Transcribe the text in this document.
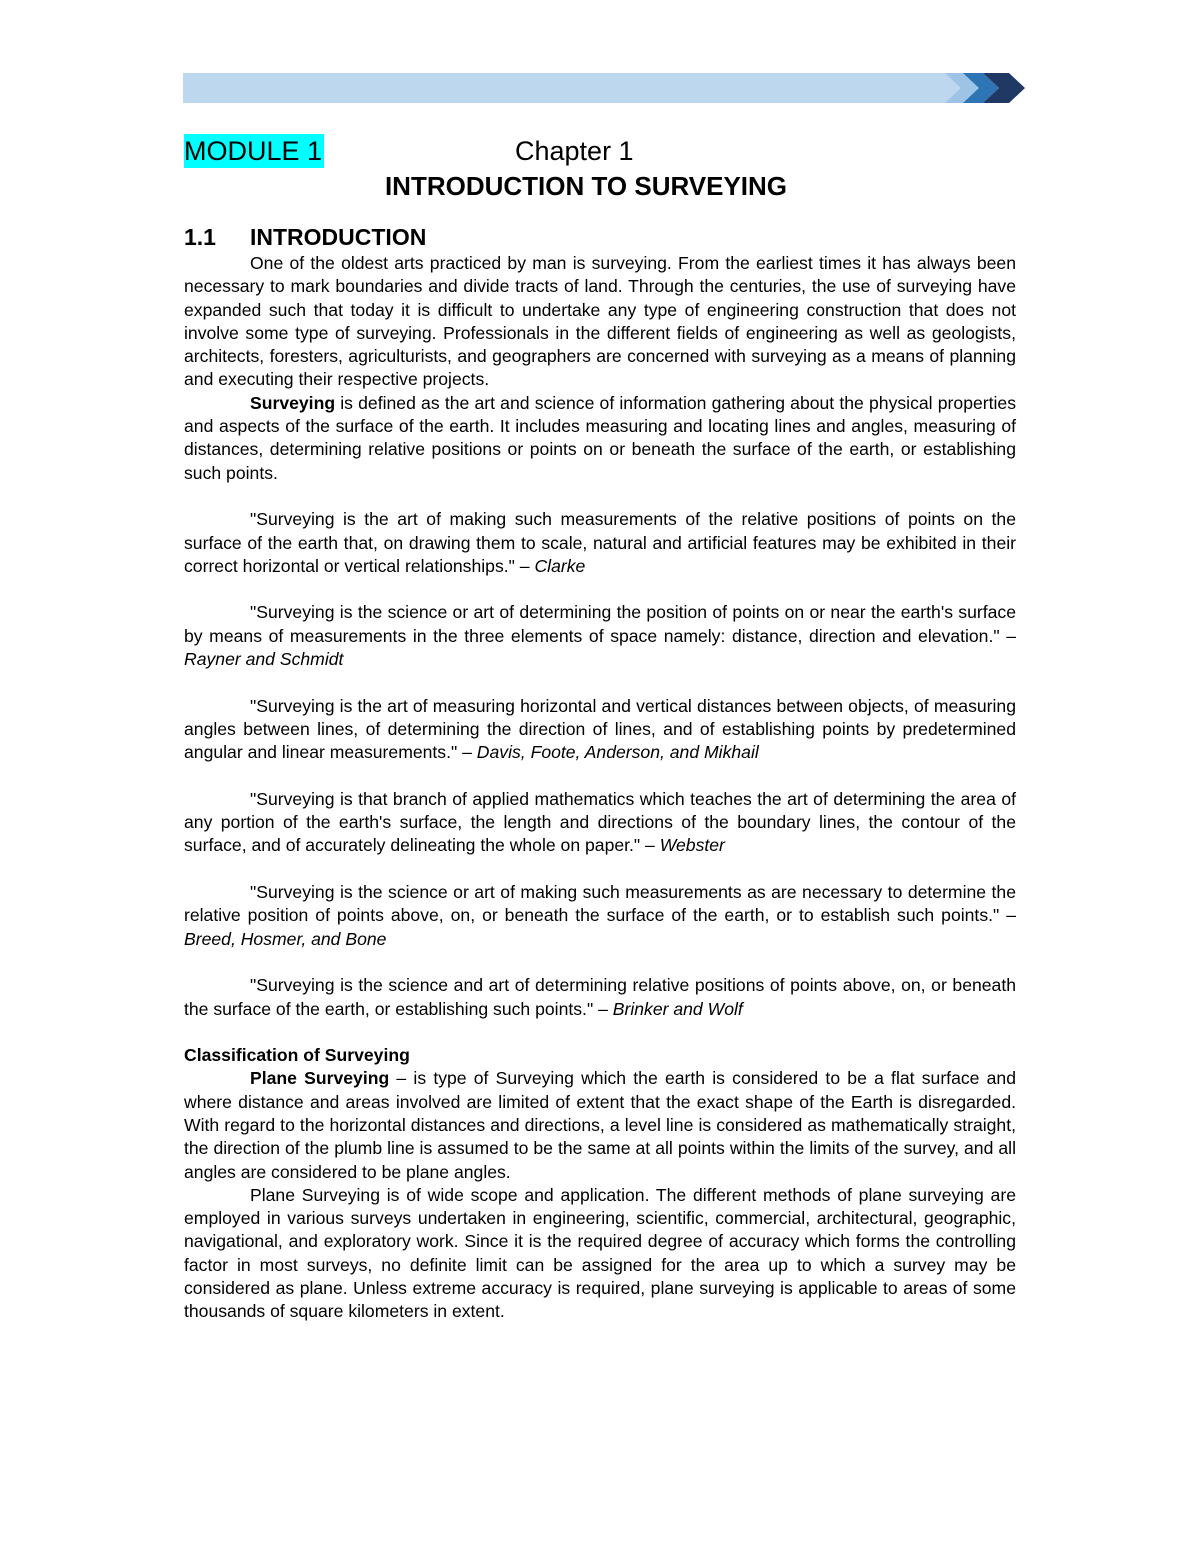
MODULE 1	Chapter 1
INTRODUCTION TO SURVEYING
1.1 INTRODUCTION

One of the oldest arts practiced by man is surveying. From the earliest times it has always been necessary to mark boundaries and divide tracts of land. Through the centuries, the use of surveying have expanded such that today it is difficult to undertake any type of engineering construction that does not involve some type of surveying. Professionals in the different fields of engineering as well as geologists, architects, foresters, agriculturists, and geographers are concerned with surveying as a means of planning and executing their respective projects.

Surveying is defined as the art and science of information gathering about the physical properties and aspects of the surface of the earth. It includes measuring and locating lines and angles, measuring of distances, determining relative positions or points on or beneath the surface of the earth, or establishing such points.

"Surveying is the art of making such measurements of the relative positions of points on the surface of the earth that, on drawing them to scale, natural and artificial features may be exhibited in their correct horizontal or vertical relationships." – Clarke

"Surveying is the science or art of determining the position of points on or near the earth's surface by means of measurements in the three elements of space namely: distance, direction and elevation." – Rayner and Schmidt

"Surveying is the art of measuring horizontal and vertical distances between objects, of measuring angles between lines, of determining the direction of lines, and of establishing points by predetermined angular and linear measurements." – Davis, Foote, Anderson, and Mikhail

"Surveying is that branch of applied mathematics which teaches the art of determining the area of any portion of the earth's surface, the length and directions of the boundary lines, the contour of the surface, and of accurately delineating the whole on paper." – Webster

"Surveying is the science or art of making such measurements as are necessary to determine the relative position of points above, on, or beneath the surface of the earth, or to establish such points." – Breed, Hosmer, and Bone

"Surveying is the science and art of determining relative positions of points above, on, or beneath the surface of the earth, or establishing such points." – Brinker and Wolf

Classification of Surveying

Plane Surveying – is type of Surveying which the earth is considered to be a flat surface and where distance and areas involved are limited of extent that the exact shape of the Earth is disregarded. With regard to the horizontal distances and directions, a level line is considered as mathematically straight, the direction of the plumb line is assumed to be the same at all points within the limits of the survey, and all angles are considered to be plane angles.

Plane Surveying is of wide scope and application. The different methods of plane surveying are employed in various surveys undertaken in engineering, scientific, commercial, architectural, geographic, navigational, and exploratory work. Since it is the required degree of accuracy which forms the controlling factor in most surveys, no definite limit can be assigned for the area up to which a survey may be considered as plane. Unless extreme accuracy is required, plane surveying is applicable to areas of some thousands of square kilometers in extent.
